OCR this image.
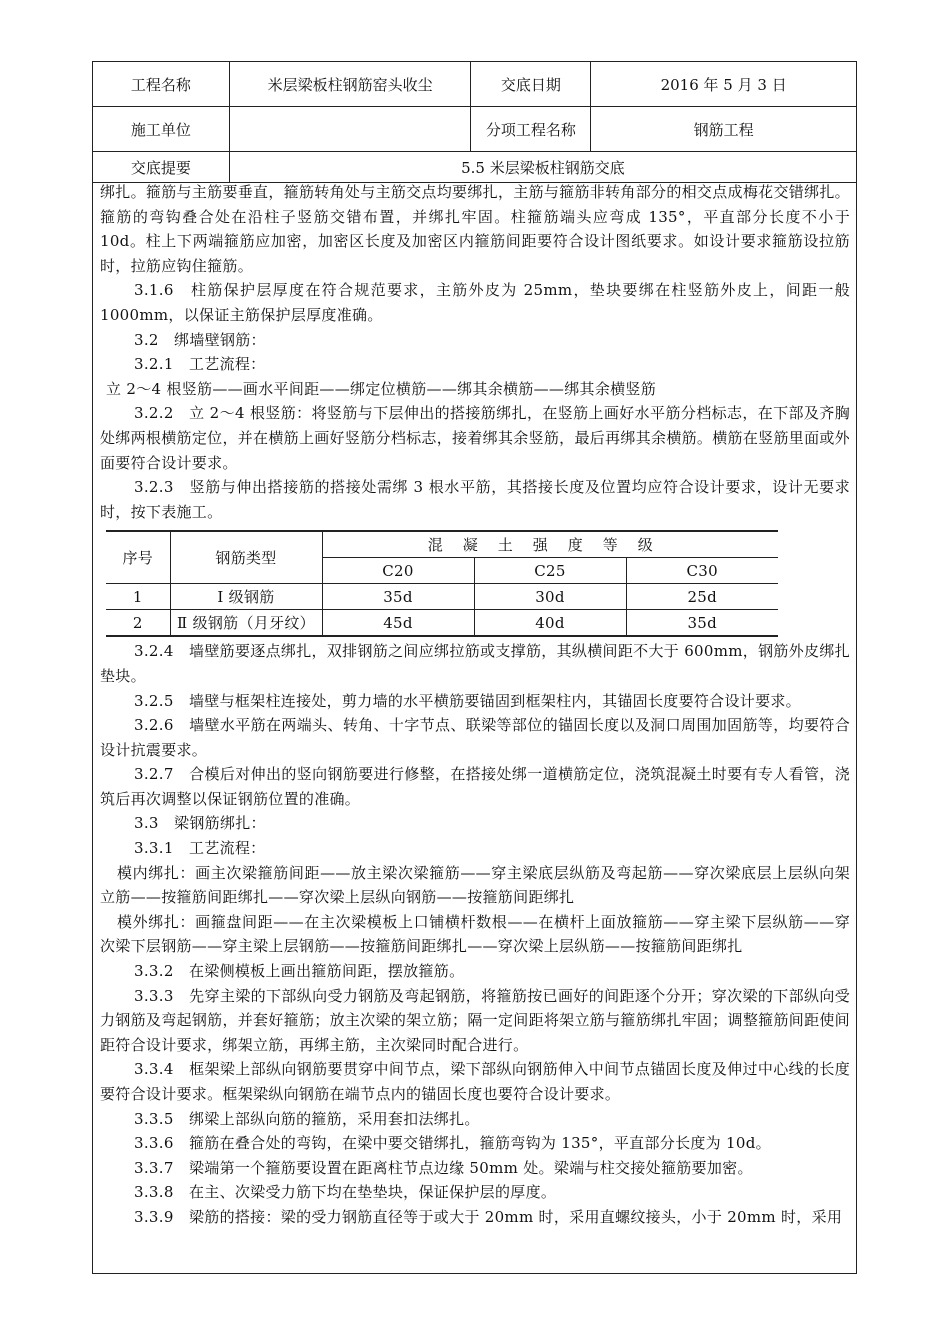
工程名称	米层梁板柱钢筋窑头收尘	交底日期	2016 年 5 月 3 日
施工单位		分项工程名称	钢筋工程
交底提要	5.5 米层梁板柱钢筋交底		

绑扎。箍筋与主筋要垂直，箍筋转角处与主筋交点均要绑扎，主筋与箍筋非转角部分的相交点成梅花交错绑扎。箍筋的弯钩叠合处在沿柱子竖筋交错布置，并绑扎牢固。柱箍筋端头应弯成 135°，平直部分长度不小于 10d。柱上下两端箍筋应加密，加密区长度及加密区内箍筋间距要符合设计图纸要求。如设计要求箍筋设拉筋时，拉筋应钩住箍筋。

3.1.6　柱筋保护层厚度在符合规范要求，主筋外皮为 25mm，垫块要绑在柱竖筋外皮上，间距一般 1000mm，以保证主筋保护层厚度准确。

3.2　绑墙壁钢筋：

3.2.1　工艺流程：

立 2～4 根竖筋——画水平间距——绑定位横筋——绑其余横筋——绑其余横竖筋

3.2.2　立 2～4 根竖筋：将竖筋与下层伸出的搭接筋绑扎，在竖筋上画好水平筋分档标志，在下部及齐胸处绑两根横筋定位，并在横筋上画好竖筋分档标志，接着绑其余竖筋，最后再绑其余横筋。横筋在竖筋里面或外面要符合设计要求。

3.2.3　竖筋与伸出搭接筋的搭接处需绑 3 根水平筋，其搭接长度及位置均应符合设计要求，设计无要求时，按下表施工。

序号	钢筋类型	混凝土强度等级		
		C20	C25	C30
1	Ⅰ 级钢筋	35d	30d	25d
2	Ⅱ 级钢筋（月牙纹）	45d	40d	35d

3.2.4　墙壁筋要逐点绑扎，双排钢筋之间应绑拉筋或支撑筋，其纵横间距不大于 600mm，钢筋外皮绑扎垫块。

3.2.5　墙壁与框架柱连接处，剪力墙的水平横筋要锚固到框架柱内，其锚固长度要符合设计要求。

3.2.6　墙壁水平筋在两端头、转角、十字节点、联梁等部位的锚固长度以及洞口周围加固筋等，均要符合设计抗震要求。

3.2.7　合模后对伸出的竖向钢筋要进行修整，在搭接处绑一道横筋定位，浇筑混凝土时要有专人看管，浇筑后再次调整以保证钢筋位置的准确。

3.3　梁钢筋绑扎：

3.3.1　工艺流程：

模内绑扎：画主次梁箍筋间距——放主梁次梁箍筋——穿主梁底层纵筋及弯起筋——穿次梁底层上层纵向架立筋——按箍筋间距绑扎——穿次梁上层纵向钢筋——按箍筋间距绑扎

模外绑扎：画箍盘间距——在主次梁模板上口铺横杆数根——在横杆上面放箍筋——穿主梁下层纵筋——穿次梁下层钢筋——穿主梁上层钢筋——按箍筋间距绑扎——穿次梁上层纵筋——按箍筋间距绑扎

3.3.2　在梁侧模板上画出箍筋间距，摆放箍筋。

3.3.3　先穿主梁的下部纵向受力钢筋及弯起钢筋，将箍筋按已画好的间距逐个分开；穿次梁的下部纵向受力钢筋及弯起钢筋，并套好箍筋；放主次梁的架立筋；隔一定间距将架立筋与箍筋绑扎牢固；调整箍筋间距使间距符合设计要求，绑架立筋，再绑主筋，主次梁同时配合进行。

3.3.4　框架梁上部纵向钢筋要贯穿中间节点，梁下部纵向钢筋伸入中间节点锚固长度及伸过中心线的长度要符合设计要求。框架梁纵向钢筋在端节点内的锚固长度也要符合设计要求。

3.3.5　绑梁上部纵向筋的箍筋，采用套扣法绑扎。

3.3.6　箍筋在叠合处的弯钩，在梁中要交错绑扎，箍筋弯钩为 135°，平直部分长度为 10d。

3.3.7　梁端第一个箍筋要设置在距离柱节点边缘 50mm 处。梁端与柱交接处箍筋要加密。

3.3.8　在主、次梁受力筋下均在垫垫块，保证保护层的厚度。

3.3.9　梁筋的搭接：梁的受力钢筋直径等于或大于 20mm 时，采用直螺纹接头，小于 20mm 时，采用
